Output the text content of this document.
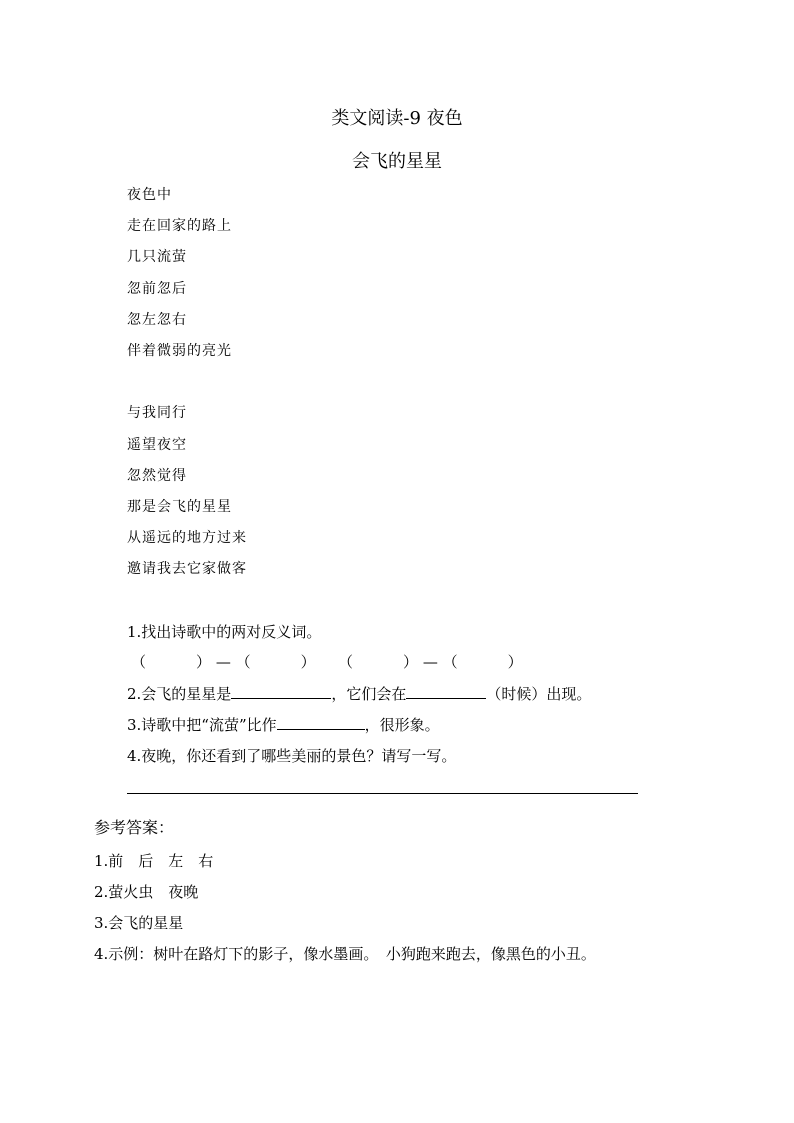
类文阅读-9 夜色
会飞的星星
夜色中
走在回家的路上
几只流萤
忽前忽后
忽左忽右
伴着微弱的亮光
与我同行
遥望夜空
忽然觉得
那是会飞的星星
从遥远的地方过来
邀请我去它家做客
1.找出诗歌中的两对反义词。
（	） — （	） （	） — （	）
2.会飞的星星是	，它们会在	（时候）出现。
3.诗歌中把“流萤”比作	，很形象。
4.夜晚，你还看到了哪些美丽的景色？请写一写。
参考答案：
1.前　后　左　右
2.萤火虫　夜晚
3.会飞的星星
4.示例：树叶在路灯下的影子，像水墨画。　小狗跑来跑去，像黑色的小丑。
